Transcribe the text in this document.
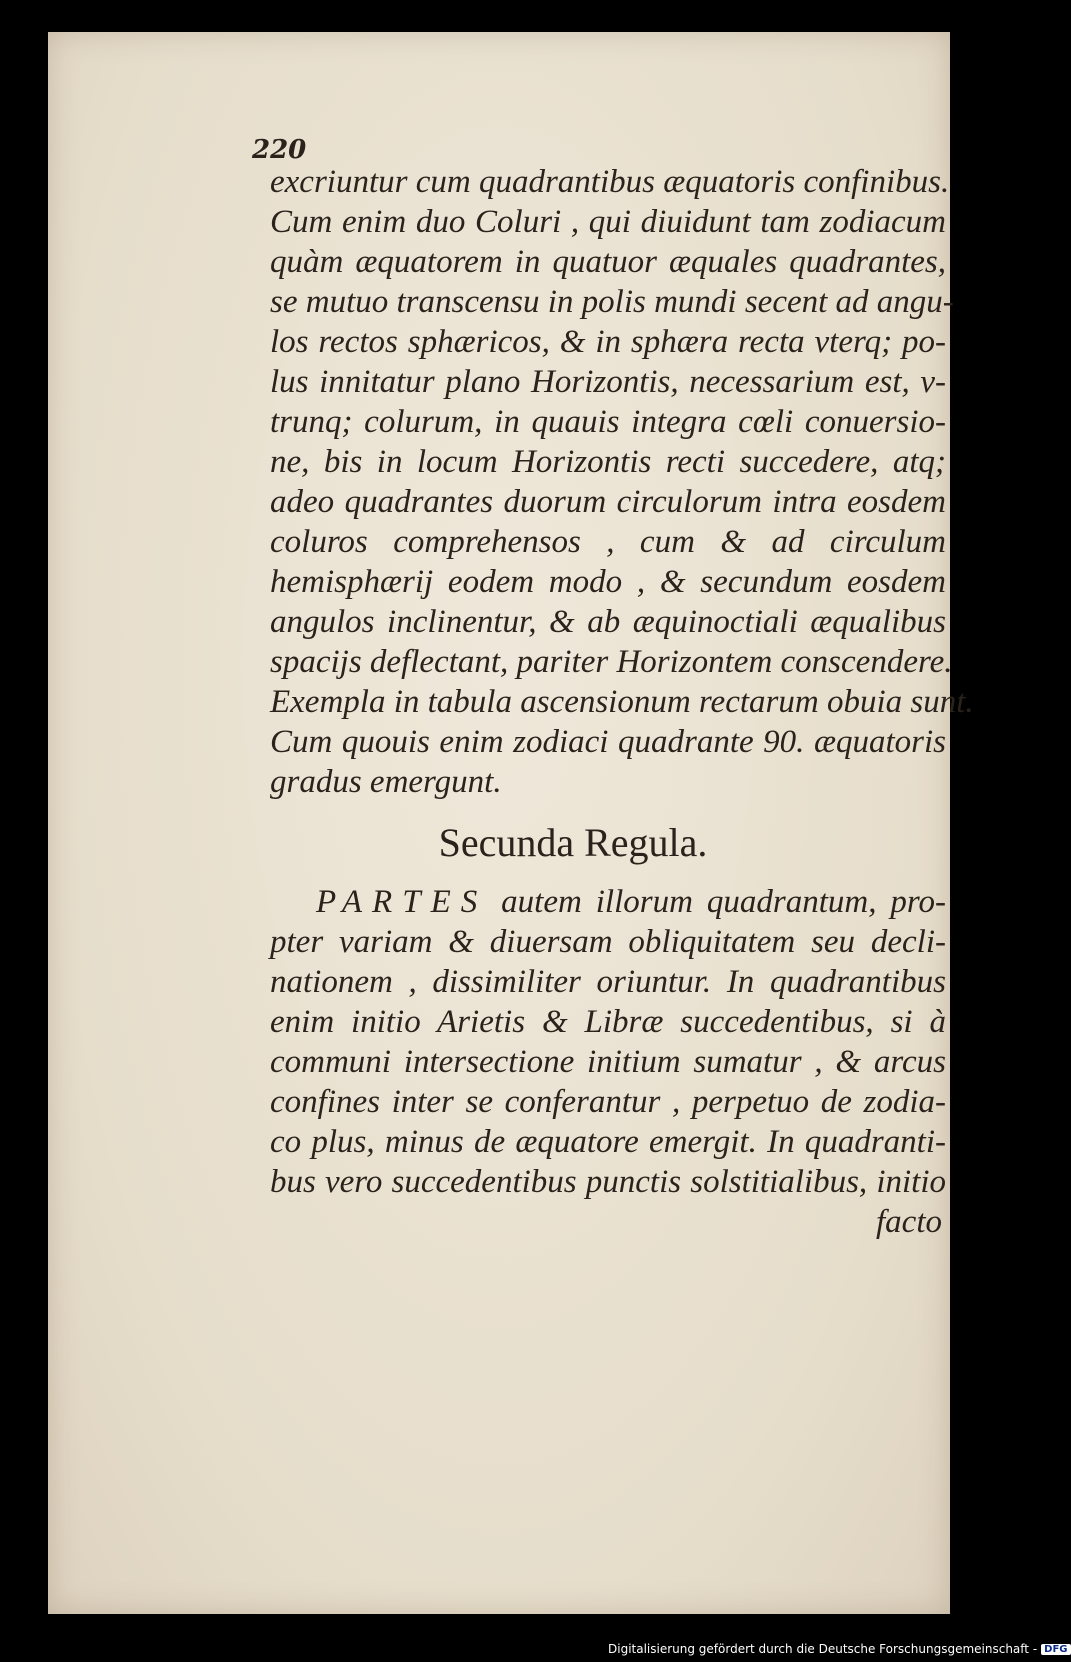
220

excriuntur cum quadrantibus æquatoris confinibus.
Cum enim duo Coluri , qui diuidunt tam zodiacum
quàm æquatorem in quatuor æquales quadrantes,
se mutuo transcensu in polis mundi secent ad angu-
los rectos sphæricos, & in sphæra recta vterq; po-
lus innitatur plano Horizontis, necessarium est, v-
trunq; colurum, in quauis integra cœli conuersio-
ne, bis in locum Horizontis recti succedere, atq;
adeo quadrantes duorum circulorum intra eosdem
coluros comprehensos , cum & ad circulum
hemisphærij eodem modo , & secundum eosdem
angulos inclinentur, & ab æquinoctiali æqualibus
spacijs deflectant, pariter Horizontem conscendere.
Exempla in tabula ascensionum rectarum obuia sunt.
Cum quouis enim zodiaci quadrante 90. æquatoris
gradus emergunt.
Secunda Regula.
PARTES autem illorum quadrantum, pro-
pter variam & diuersam obliquitatem seu decli-
nationem , dissimiliter oriuntur. In quadrantibus
enim initio Arietis & Libræ succedentibus, si à
communi intersectione initium sumatur , & arcus
confines inter se conferantur , perpetuo de zodia-
co plus, minus de æquatore emergit. In quadranti-
bus vero succedentibus punctis solstitialibus, initio
facto
Digitalisierung gefördert durch die Deutsche Forschungsgemeinschaft - DFG
